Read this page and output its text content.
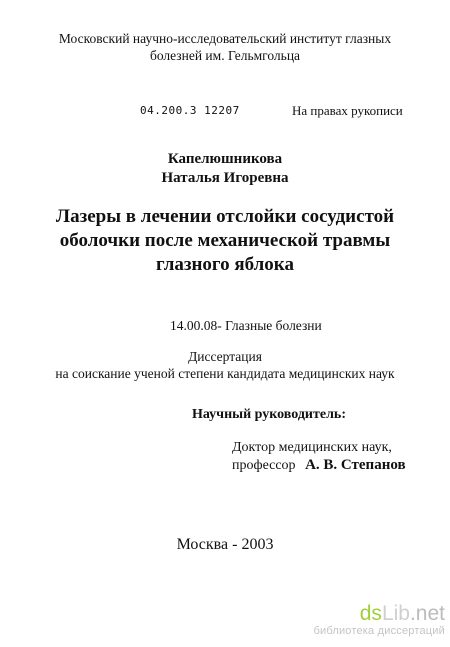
Московский научно-исследовательский институт глазных
болезней им. Гельмгольца
04.200.3 12207	На правах рукописи
Капелюшникова
Наталья Игоревна
Лазеры в лечении отслойки сосудистой
оболочки после механической травмы
глазного яблока
14.00.08- Глазные болезни
Диссертация
на соискание ученой степени кандидата медицинских наук
Научный руководитель:
Доктор медицинских наук,
профессор А. В. Степанов
Москва - 2003
dsLib.net
библиотека диссертаций
